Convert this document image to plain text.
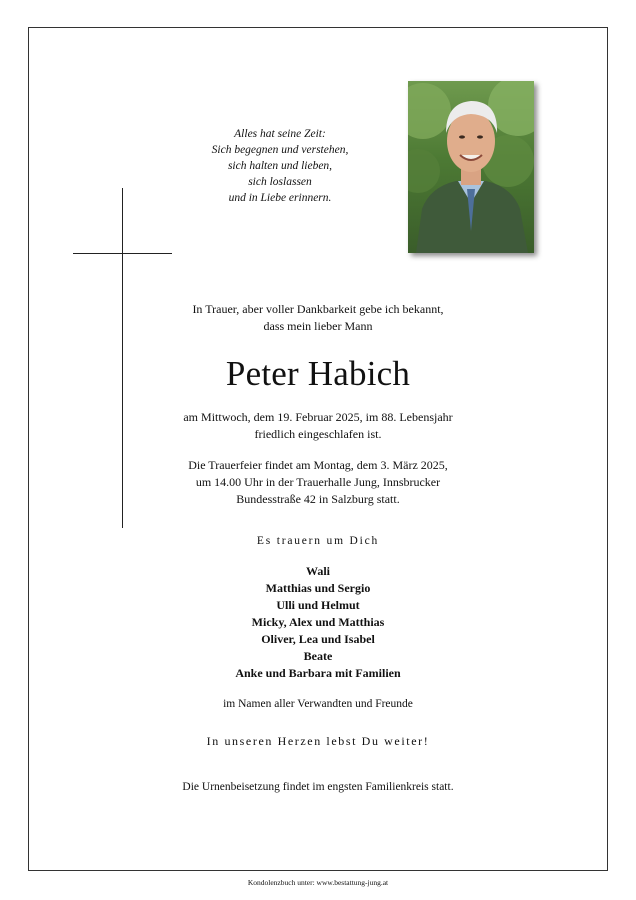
Alles hat seine Zeit:
Sich begegnen und verstehen,
sich halten und lieben,
sich loslassen
und in Liebe erinnern.
In Trauer, aber voller Dankbarkeit gebe ich bekannt,
dass mein lieber Mann
Peter Habich
am Mittwoch, dem 19. Februar 2025, im 88. Lebensjahr
friedlich eingeschlafen ist.
Die Trauerfeier findet am Montag, dem 3. März 2025,
um 14.00 Uhr in der Trauerhalle Jung, Innsbrucker
Bundesstraße 42 in Salzburg statt.
Es trauern um Dich
Wali
Matthias und Sergio
Ulli und Helmut
Micky, Alex und Matthias
Oliver, Lea und Isabel
Beate
Anke und Barbara mit Familien
im Namen aller Verwandten und Freunde
In unseren Herzen lebst Du weiter!
Die Urnenbeisetzung findet im engsten Familienkreis statt.
Kondolenzbuch unter: www.bestattung-jung.at
